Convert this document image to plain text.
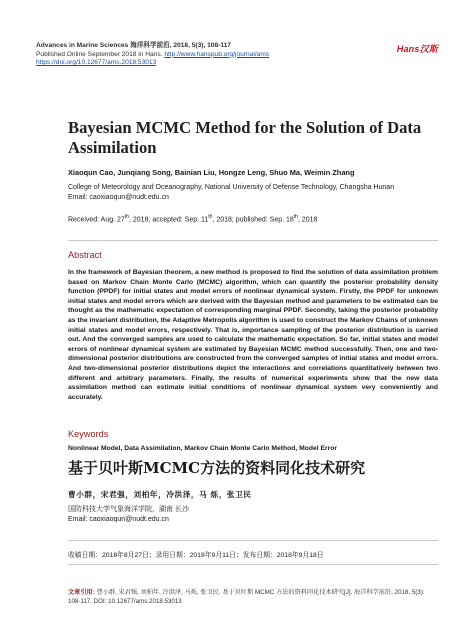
Advances in Marine Sciences 海洋科学前沿, 2018, 5(3), 108-117
Published Online September 2018 in Hans. http://www.hanspub.org/journal/ams
https://doi.org/10.12677/ams.2018.53013
Hans汉斯
Bayesian MCMC Method for the Solution of Data Assimilation
Xiaoqun Cao, Junqiang Song, Bainian Liu, Hongze Leng, Shuo Ma, Weimin Zhang
College of Meteorology and Oceanography, National University of Defense Technology, Changsha Hunan
Email: caoxiaoqun@nudt.edu.cn
Received: Aug. 27th, 2018; accepted: Sep. 11th, 2018; published: Sep. 18th, 2018
Abstract
In the framework of Bayesian theorem, a new method is proposed to find the solution of data assimilation problem based on Markov Chain Monte Carlo (MCMC) algorithm, which can quantify the posterior probability density function (PPDF) for initial states and model errors of nonlinear dynamical system. Firstly, the PPDF for unknown initial states and model errors which are derived with the Bayesian method and parameters to be estimated can be thought as the mathematic expectation of corresponding marginal PPDF. Secondly, taking the posterior probability as the invariant distribution, the Adaptive Metropolis algorithm is used to construct the Markov Chains of unknown initial states and model errors, respectively. That is, importance sampling of the posterior distribution is carried out. And the converged samples are used to calculate the mathematic expectation. So far, initial states and model errors of nonlinear dynamical system are estimated by Bayesian MCMC method successfully. Then, one and two-dimensional posterior distributions are constructed from the converged samples of initial states and model errors. And two-dimensional posterior distributions depict the interactions and correlations quantitatively between two different and arbitrary parameters. Finally, the results of numerical experiments show that the new data assimilation method can estimate initial conditions of nonlinear dynamical system very conveniently and accurately.
Keywords
Nonlinear Model, Data Assimilation, Markov Chain Monte Carlo Method, Model Error
基于贝叶斯MCMC方法的资料同化技术研究
曹小群，宋君强，刘柏年，冷洪泽，马 烁，张卫民
国防科技大学气象海洋学院，湖南 长沙
Email: caoxiaoqun@nudt.edu.cn
收稿日期：2018年8月27日；录用日期：2018年9月11日；发布日期：2018年9月18日
文章引用: 曹小群, 宋君强, 刘柏年, 冷洪泽, 马烁, 张卫民. 基于贝叶斯 MCMC 方法的资料同化技术研究[J]. 海洋科学前沿, 2018, 5(3): 108-117. DOI: 10.12677/ams.2018.53013
